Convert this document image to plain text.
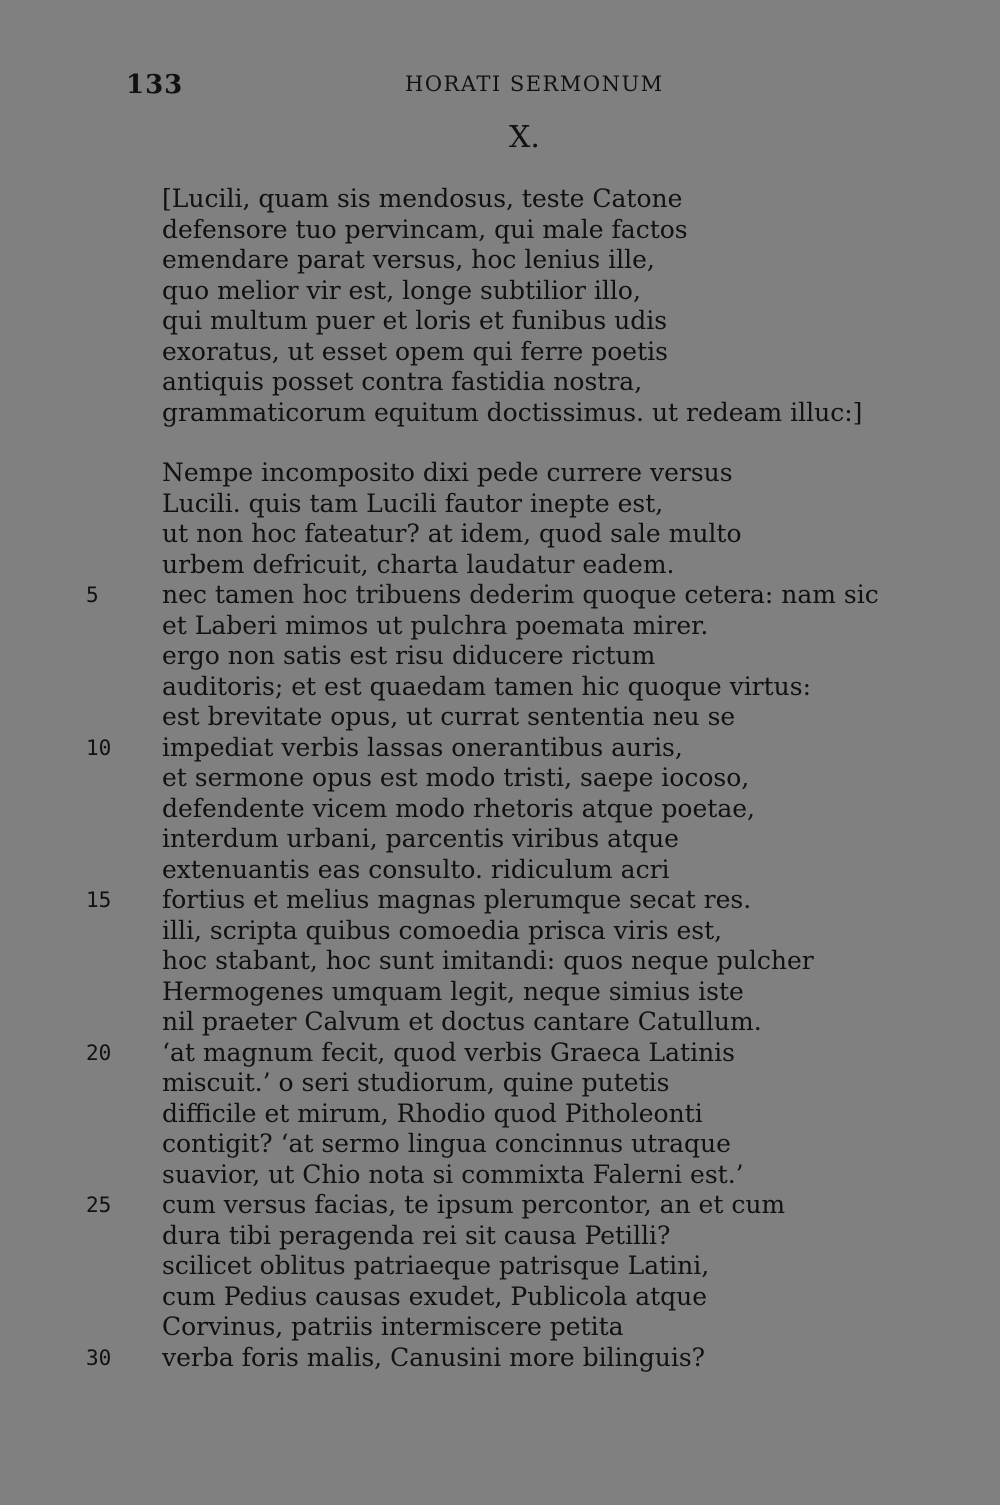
133	HORATI SERMONUM
X.
[Lucili, quam sis mendosus, teste Catone
defensore tuo pervincam, qui male factos
emendare parat versus, hoc lenius ille,
quo melior vir est, longe subtilior illo,
qui multum puer et loris et funibus udis
exoratus, ut esset opem qui ferre poetis
antiquis posset contra fastidia nostra,
grammaticorum equitum doctissimus. ut redeam illuc:]
Nempe incomposito dixi pede currere versus
Lucili. quis tam Lucili fautor inepte est,
ut non hoc fateatur? at idem, quod sale multo
urbem defricuit, charta laudatur eadem.
5	nec tamen hoc tribuens dederim quoque cetera: nam sic
et Laberi mimos ut pulchra poemata mirer.
ergo non satis est risu diducere rictum
auditoris; et est quaedam tamen hic quoque virtus:
est brevitate opus, ut currat sententia neu se
10	impediat verbis lassas onerantibus auris,
et sermone opus est modo tristi, saepe iocoso,
defendente vicem modo rhetoris atque poetae,
interdum urbani, parcentis viribus atque
extenuantis eas consulto. ridiculum acri
15	fortius et melius magnas plerumque secat res.
illi, scripta quibus comoedia prisca viris est,
hoc stabant, hoc sunt imitandi: quos neque pulcher
Hermogenes umquam legit, neque simius iste
nil praeter Calvum et doctus cantare Catullum.
20	‘at magnum fecit, quod verbis Graeca Latinis
miscuit.’ o seri studiorum, quine putetis
difficile et mirum, Rhodio quod Pitholeonti
contigit? ‘at sermo lingua concinnus utraque
suavior, ut Chio nota si commixta Falerni est.’
25	cum versus facias, te ipsum percontor, an et cum
dura tibi peragenda rei sit causa Petilli?
scilicet oblitus patriaeque patrisque Latini,
cum Pedius causas exudet, Publicola atque
Corvinus, patriis intermiscere petita
30	verba foris malis, Canusini more bilinguis?
